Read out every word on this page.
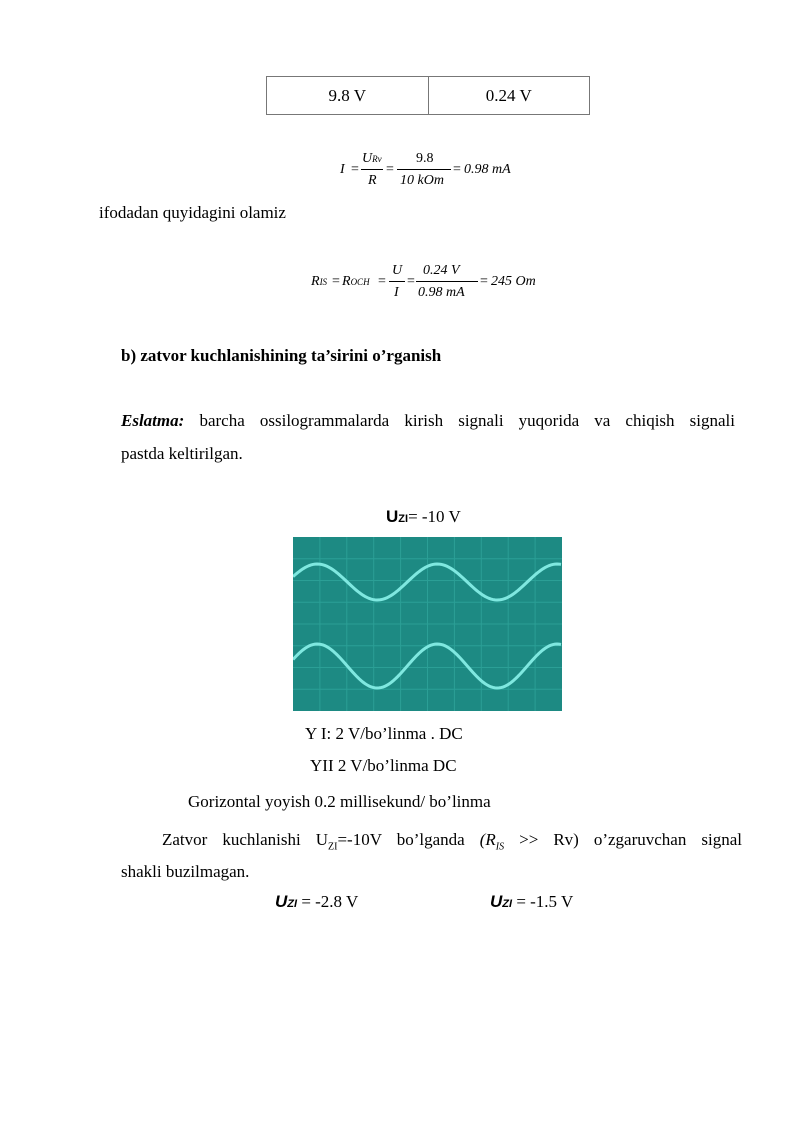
9.8 V	0.24 V
I =
URv
R
=
9.8
10 kOm
= 0.98 mA
ifodadan quyidagini olamiz
RIS = ROCH =
U
I
=
0.24 V
0.98 mA
= 245 Om
b) zatvor kuchlanishining ta’sirini o’rganish
Eslatma: barcha ossilogrammalarda kirish signali yuqorida va chiqish signali
pastda keltirilgan.
UZI= -10 V
Y I: 2 V/bo’linma . DC
YII 2 V/bo’linma DC
Gorizontal yoyish 0.2 millisekund/ bo’linma
Zatvor kuchlanishi $U_{ZI}=-10V$ bo’lganda $(R_{IS} >> Rv)$ o’zgaruvchan signal
shakli buzilmagan.
UZI = -2.8 V	UZI = -1.5 V
